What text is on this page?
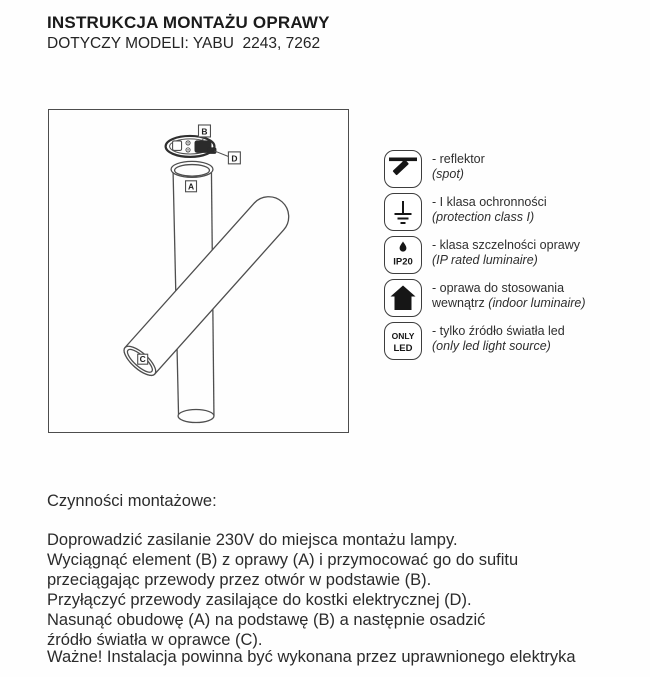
INSTRUKCJA MONTAŻU OPRAWY
DOTYCZY MODELI: YABU  2243, 7262
B
D
A
C
- reflektor
(spot)
- I klasa ochronności
(protection class I)
IP20
- klasa szczelności oprawy
(IP rated luminaire)
- oprawa do stosowania
wewnątrz (indoor luminaire)
ONLY
LED
- tylko źródło światła led
(only led light source)
Czynności montażowe:
Doprowadzić zasilanie 230V do miejsca montażu lampy.
Wyciągnąć element (B) z oprawy (A) i przymocować go do sufitu
przeciągając przewody przez otwór w podstawie (B).
Przyłączyć przewody zasilające do kostki elektrycznej (D).
Nasunąć obudowę (A) na podstawę (B) a następnie osadzić
źródło światła w oprawce (C).
Ważne! Instalacja powinna być wykonana przez uprawnionego elektryka
